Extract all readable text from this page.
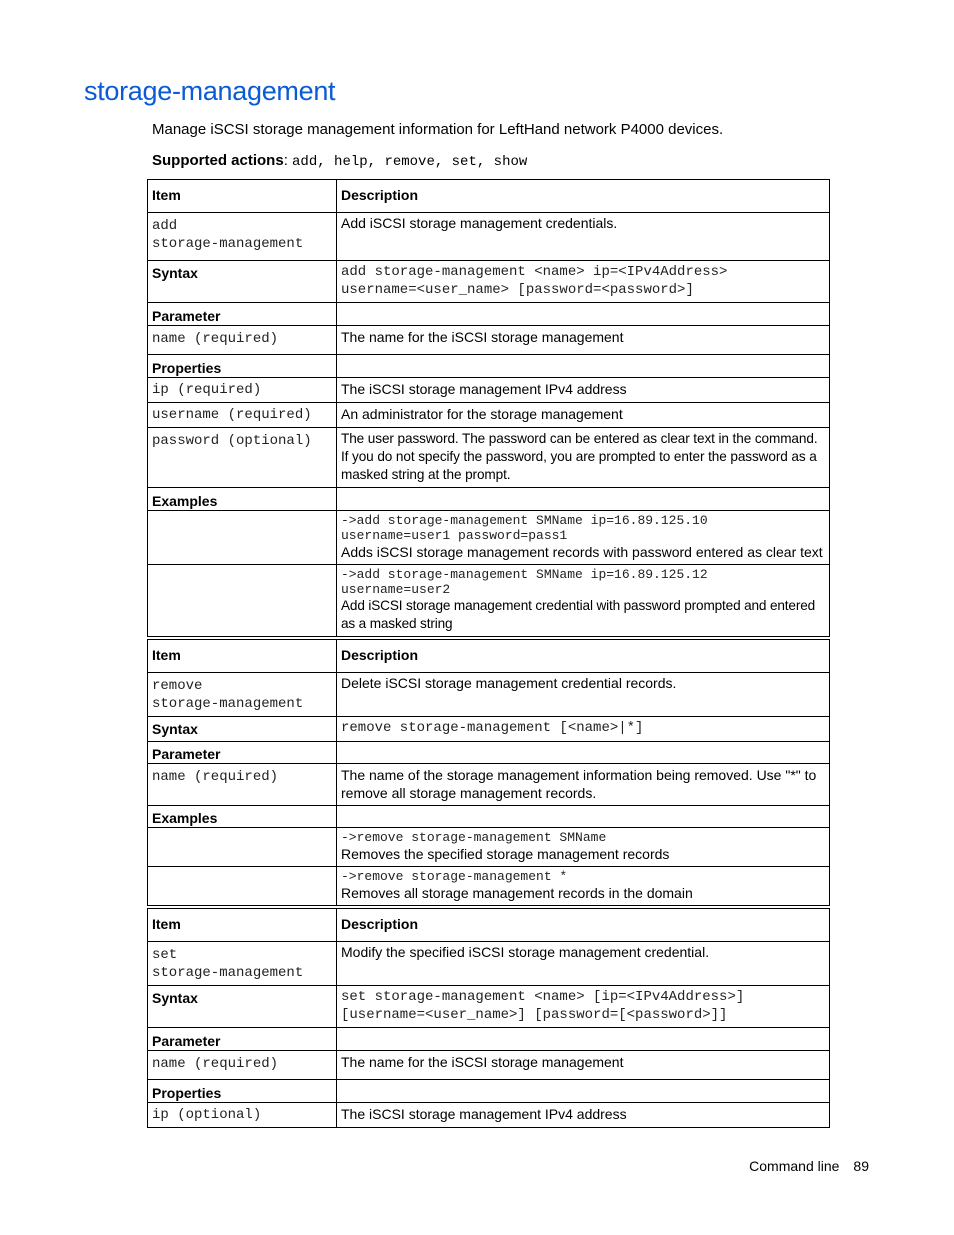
storage-management
Manage iSCSI storage management information for LeftHand network P4000 devices.
Supported actions: add, help, remove, set, show
Item	Description
add
storage-management	Add iSCSI storage management credentials.
Syntax	add storage-management <name> ip=<IPv4Address>
username=<user_name> [password=<password>]
Parameter	
name (required)	The name for the iSCSI storage management
Properties	
ip (required)	The iSCSI storage management IPv4 address
username (required)	An administrator for the storage management
password (optional)	The user password. The password can be entered as clear text in the command. If you do not specify the password, you are prompted to enter the password as a masked string at the prompt.
Examples	

	->add storage-management SMName ip=16.89.125.10
username=user1 password=pass1
Adds iSCSI storage management records with password entered as clear text

	->add storage-management SMName ip=16.89.125.12
username=user2
Add iSCSI storage management credential with password prompted and entered as a masked string
Item	Description
remove
storage-management	Delete iSCSI storage management credential records.
Syntax	remove storage-management [<name>|*]
Parameter	
name (required)	The name of the storage management information being removed. Use "*" to remove all storage management records.
Examples	

	->remove storage-management SMName
Removes the specified storage management records

	->remove storage-management *
Removes all storage management records in the domain
Item	Description
set
storage-management	Modify the specified iSCSI storage management credential.
Syntax	set storage-management <name> [ip=<IPv4Address>]
[username=<user_name>] [password=[<password>]]
Parameter	
name (required)	The name for the iSCSI storage management
Properties	
ip (optional)	The iSCSI storage management IPv4 address
Command line 89
